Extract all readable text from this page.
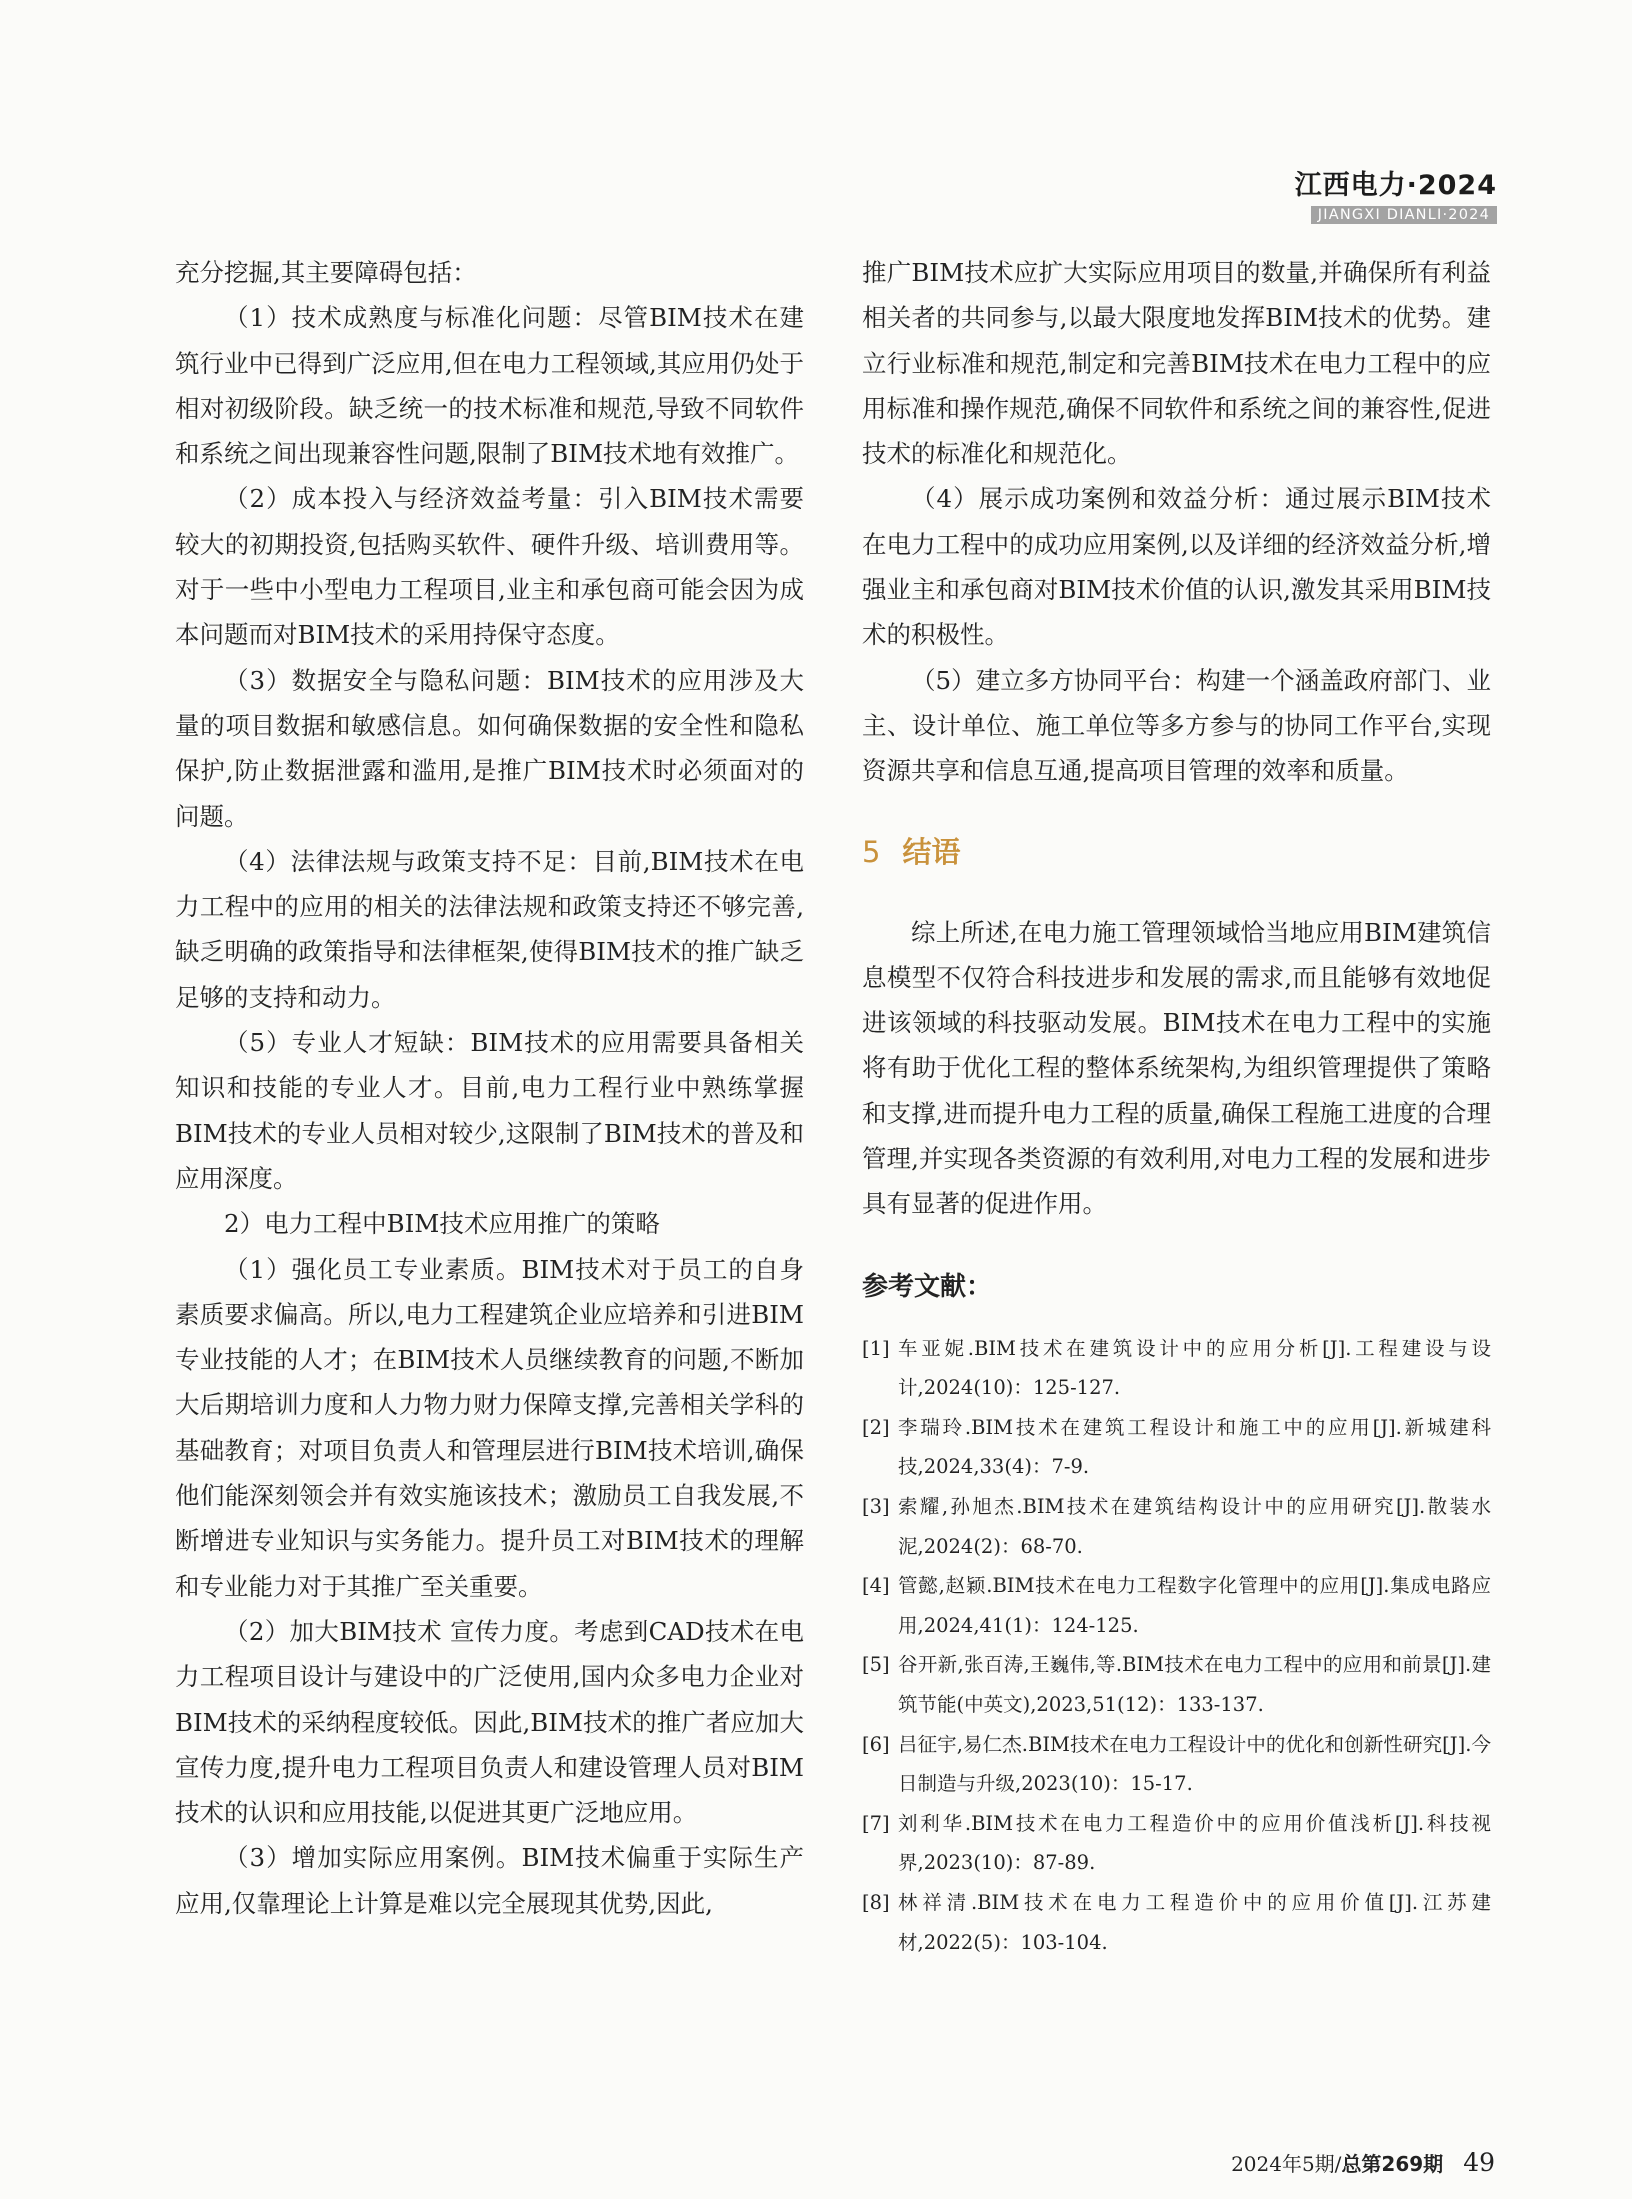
江西电力·2024
JIANGXI DIANLI·2024

充分挖掘,其主要障碍包括：

（1）技术成熟度与标准化问题：尽管BIM技术在建筑行业中已得到广泛应用,但在电力工程领域,其应用仍处于相对初级阶段。缺乏统一的技术标准和规范,导致不同软件和系统之间出现兼容性问题,限制了BIM技术地有效推广。

（2）成本投入与经济效益考量：引入BIM技术需要较大的初期投资,包括购买软件、硬件升级、培训费用等。对于一些中小型电力工程项目,业主和承包商可能会因为成本问题而对BIM技术的采用持保守态度。

（3）数据安全与隐私问题：BIM技术的应用涉及大量的项目数据和敏感信息。如何确保数据的安全性和隐私保护,防止数据泄露和滥用,是推广BIM技术时必须面对的问题。

（4）法律法规与政策支持不足：目前,BIM技术在电力工程中的应用的相关的法律法规和政策支持还不够完善,缺乏明确的政策指导和法律框架,使得BIM技术的推广缺乏足够的支持和动力。

（5）专业人才短缺：BIM技术的应用需要具备相关知识和技能的专业人才。目前,电力工程行业中熟练掌握BIM技术的专业人员相对较少,这限制了BIM技术的普及和应用深度。

2）电力工程中BIM技术应用推广的策略

（1）强化员工专业素质。BIM技术对于员工的自身素质要求偏高。所以,电力工程建筑企业应培养和引进BIM专业技能的人才；在BIM技术人员继续教育的问题,不断加大后期培训力度和人力物力财力保障支撑,完善相关学科的基础教育；对项目负责人和管理层进行BIM技术培训,确保他们能深刻领会并有效实施该技术；激励员工自我发展,不断增进专业知识与实务能力。提升员工对BIM技术的理解和专业能力对于其推广至关重要。

（2）加大BIM技术 宣传力度。考虑到CAD技术在电力工程项目设计与建设中的广泛使用,国内众多电力企业对BIM技术的采纳程度较低。因此,BIM技术的推广者应加大宣传力度,提升电力工程项目负责人和建设管理人员对BIM技术的认识和应用技能,以促进其更广泛地应用。

（3）增加实际应用案例。BIM技术偏重于实际生产应用,仅靠理论上计算是难以完全展现其优势,因此,

推广BIM技术应扩大实际应用项目的数量,并确保所有利益相关者的共同参与,以最大限度地发挥BIM技术的优势。建立行业标准和规范,制定和完善BIM技术在电力工程中的应用标准和操作规范,确保不同软件和系统之间的兼容性,促进技术的标准化和规范化。

（4）展示成功案例和效益分析：通过展示BIM技术在电力工程中的成功应用案例,以及详细的经济效益分析,增强业主和承包商对BIM技术价值的认识,激发其采用BIM技术的积极性。

（5）建立多方协同平台：构建一个涵盖政府部门、业主、设计单位、施工单位等多方参与的协同工作平台,实现资源共享和信息互通,提高项目管理的效率和质量。

5 结语

综上所述,在电力施工管理领域恰当地应用BIM建筑信息模型不仅符合科技进步和发展的需求,而且能够有效地促进该领域的科技驱动发展。BIM技术在电力工程中的实施将有助于优化工程的整体系统架构,为组织管理提供了策略和支撑,进而提升电力工程的质量,确保工程施工进度的合理管理,并实现各类资源的有效利用,对电力工程的发展和进步具有显著的促进作用。

参考文献：
[1] 车亚妮.BIM技术在建筑设计中的应用分析[J].工程建设与设计,2024(10)：125-127.
[2] 李瑞玲.BIM技术在建筑工程设计和施工中的应用[J].新城建科技,2024,33(4)：7-9.
[3] 索耀,孙旭杰.BIM技术在建筑结构设计中的应用研究[J].散装水泥,2024(2)：68-70.
[4] 管懿,赵颖.BIM技术在电力工程数字化管理中的应用[J].集成电路应用,2024,41(1)：124-125.
[5] 谷开新,张百涛,王巍伟,等.BIM技术在电力工程中的应用和前景[J].建筑节能(中英文),2023,51(12)：133-137.
[6] 吕征宇,易仁杰.BIM技术在电力工程设计中的优化和创新性研究[J].今日制造与升级,2023(10)：15-17.
[7] 刘利华.BIM技术在电力工程造价中的应用价值浅析[J].科技视界,2023(10)：87-89.
[8] 林祥清.BIM技术在电力工程造价中的应用价值[J].江苏建材,2022(5)：103-104.
2024年5期/总第269期 49
